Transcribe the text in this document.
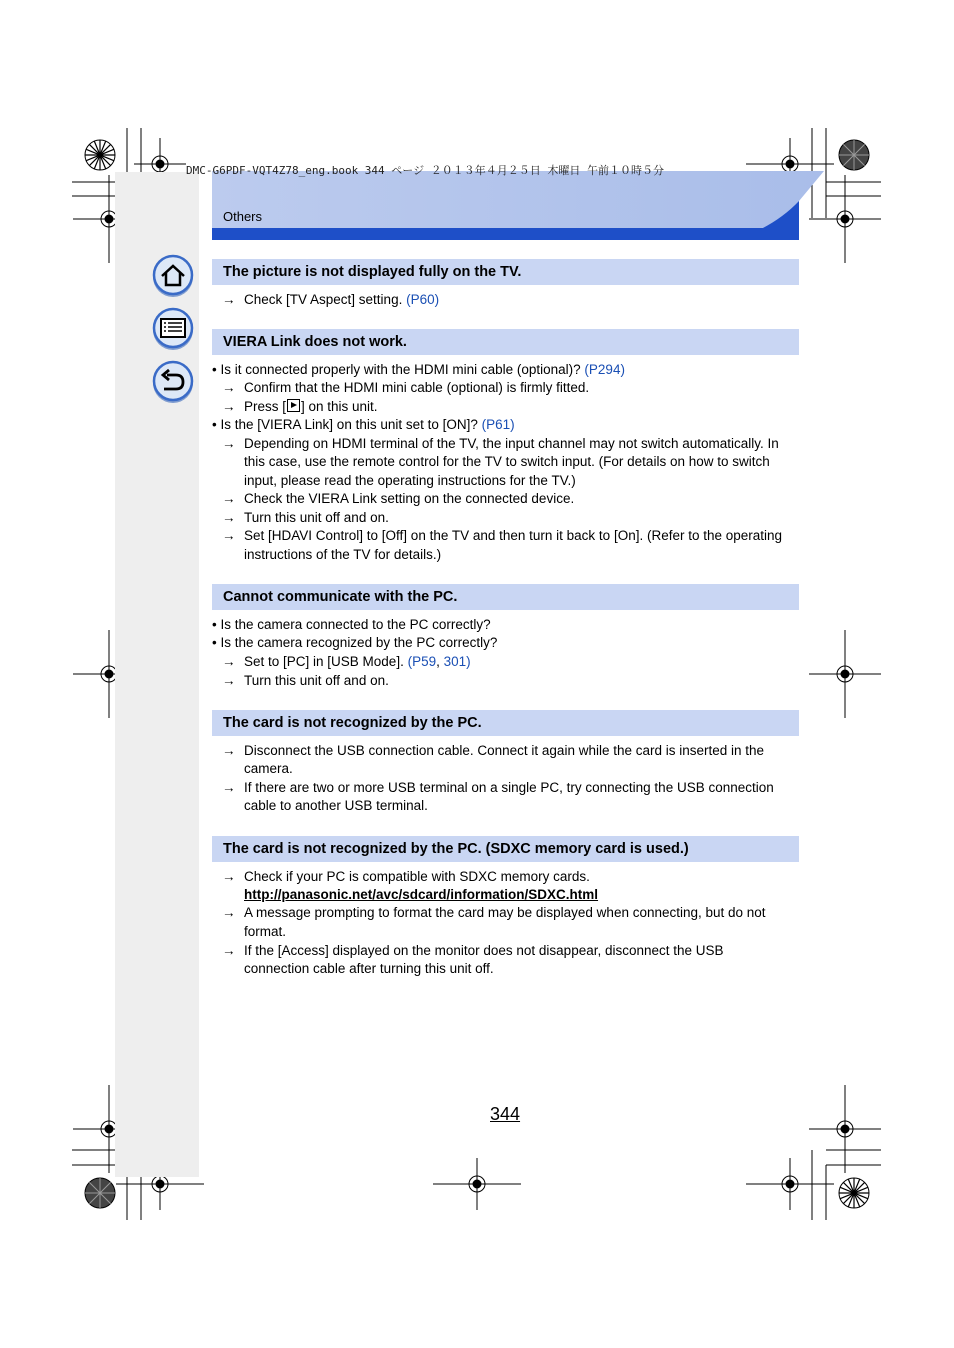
DMC-G6PDF-VQT4Z78_eng.book 344 ページ ２０１３年４月２５日 木曜日 午前１０時５分
Others
The picture is not displayed fully on the TV.
→ Check [TV Aspect] setting. (P60)
VIERA Link does not work.
• Is it connected properly with the HDMI mini cable (optional)? (P294)
→ Confirm that the HDMI mini cable (optional) is firmly fitted.
→ Press [ ] on this unit.
• Is the [VIERA Link] on this unit set to [ON]? (P61)
→ Depending on HDMI terminal of the TV, the input channel may not switch automatically. In
this case, use the remote control for the TV to switch input. (For details on how to switch
input, please read the operating instructions for the TV.)
→ Check the VIERA Link setting on the connected device.
→ Turn this unit off and on.
→ Set [HDAVI Control] to [Off] on the TV and then turn it back to [On]. (Refer to the operating
instructions of the TV for details.)
Cannot communicate with the PC.
• Is the camera connected to the PC correctly?
• Is the camera recognized by the PC correctly?
→ Set to [PC] in [USB Mode]. (P59, 301)
→ Turn this unit off and on.
The card is not recognized by the PC.
→ Disconnect the USB connection cable. Connect it again while the card is inserted in the
camera.
→ If there are two or more USB terminal on a single PC, try connecting the USB connection
cable to another USB terminal.
The card is not recognized by the PC. (SDXC memory card is used.)
→ Check if your PC is compatible with SDXC memory cards.
http://panasonic.net/avc/sdcard/information/SDXC.html
→ A message prompting to format the card may be displayed when connecting, but do not
format.
→ If the [Access] displayed on the monitor does not disappear, disconnect the USB
connection cable after turning this unit off.
344
